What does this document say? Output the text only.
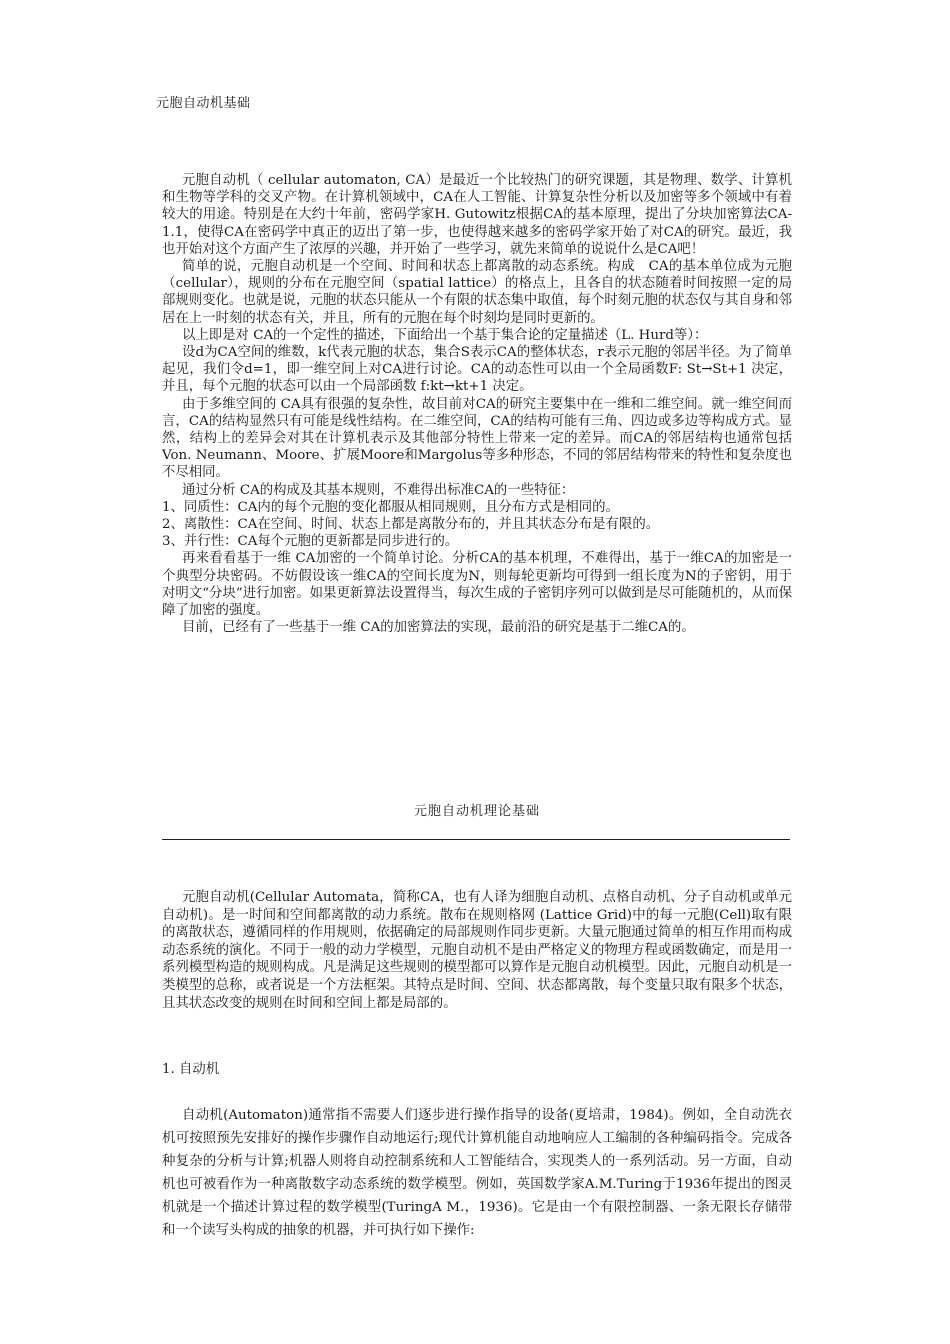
元胞自动机基础

元胞自动机（ cellular automaton, CA）是最近一个比较热门的研究课题，其是物理、数学、计算机和生物等学科的交叉产物。在计算机领域中，CA在人工智能、计算复杂性分析以及加密等多个领域中有着较大的用途。特别是在大约十年前，密码学家H. Gutowitz根据CA的基本原理，提出了分块加密算法CA-1.1，使得CA在密码学中真正的迈出了第一步，也使得越来越多的密码学家开始了对CA的研究。最近，我也开始对这个方面产生了浓厚的兴趣，并开始了一些学习，就先来简单的说说什么是CA吧！

简单的说，元胞自动机是一个空间、时间和状态上都离散的动态系统。构成　CA的基本单位成为元胞（cellular），规则的分布在元胞空间（spatial lattice）的格点上，且各自的状态随着时间按照一定的局部规则变化。也就是说，元胞的状态只能从一个有限的状态集中取值，每个时刻元胞的状态仅与其自身和邻居在上一时刻的状态有关，并且，所有的元胞在每个时刻均是同时更新的。

以上即是对 CA的一个定性的描述，下面给出一个基于集合论的定量描述（L. Hurd等）：

设d为CA空间的维数，k代表元胞的状态，集合S表示CA的整体状态，r表示元胞的邻居半径。为了简单起见，我们令d=1，即一维空间上对CA进行讨论。CA的动态性可以由一个全局函数F: St→St+1 决定，并且，每个元胞的状态可以由一个局部函数 f:kt→kt+1 决定。

由于多维空间的 CA具有很强的复杂性，故目前对CA的研究主要集中在一维和二维空间。就一维空间而言，CA的结构显然只有可能是线性结构。在二维空间，CA的结构可能有三角、四边或多边等构成方式。显然，结构上的差异会对其在计算机表示及其他部分特性上带来一定的差异。而CA的邻居结构也通常包括Von. Neumann、Moore、扩展Moore和Margolus等多种形态，不同的邻居结构带来的特性和复杂度也不尽相同。

通过分析 CA的构成及其基本规则，不难得出标准CA的一些特征：

1、同质性：CA内的每个元胞的变化都服从相同规则，且分布方式是相同的。

2、离散性：CA在空间、时间、状态上都是离散分布的，并且其状态分布是有限的。

3、并行性：CA每个元胞的更新都是同步进行的。

再来看看基于一维 CA加密的一个简单讨论。分析CA的基本机理，不难得出，基于一维CA的加密是一个典型分块密码。不妨假设该一维CA的空间长度为N，则每轮更新均可得到一组长度为N的子密钥，用于对明文“分块”进行加密。如果更新算法设置得当，每次生成的子密钥序列可以做到是尽可能随机的，从而保障了加密的强度。

目前，已经有了一些基于一维 CA的加密算法的实现，最前沿的研究是基于二维CA的。

元胞自动机理论基础

元胞自动机(Cellular Automata，简称CA，也有人译为细胞自动机、点格自动机、分子自动机或单元自动机)。是一时间和空间都离散的动力系统。散布在规则格网 (Lattice Grid)中的每一元胞(Cell)取有限的离散状态，遵循同样的作用规则，依据确定的局部规则作同步更新。大量元胞通过简单的相互作用而构成动态系统的演化。不同于一般的动力学模型，元胞自动机不是由严格定义的物理方程或函数确定，而是用一系列模型构造的规则构成。凡是满足这些规则的模型都可以算作是元胞自动机模型。因此，元胞自动机是一类模型的总称，或者说是一个方法框架。其特点是时间、空间、状态都离散，每个变量只取有限多个状态，且其状态改变的规则在时间和空间上都是局部的。

1. 自动机

自动机(Automaton)通常指不需要人们逐步进行操作指导的设备(夏培肃，1984)。例如，全自动洗衣机可按照预先安排好的操作步骤作自动地运行;现代计算机能自动地响应人工编制的各种编码指令。完成各种复杂的分析与计算;机器人则将自动控制系统和人工智能结合，实现类人的一系列活动。另一方面，自动机也可被看作为一种离散数字动态系统的数学模型。例如，英国数学家A.M.Turing于1936年提出的图灵机就是一个描述计算过程的数学模型(TuringA M.，1936)。它是由一个有限控制器、一条无限长存储带和一个读写头构成的抽象的机器，并可执行如下操作:
